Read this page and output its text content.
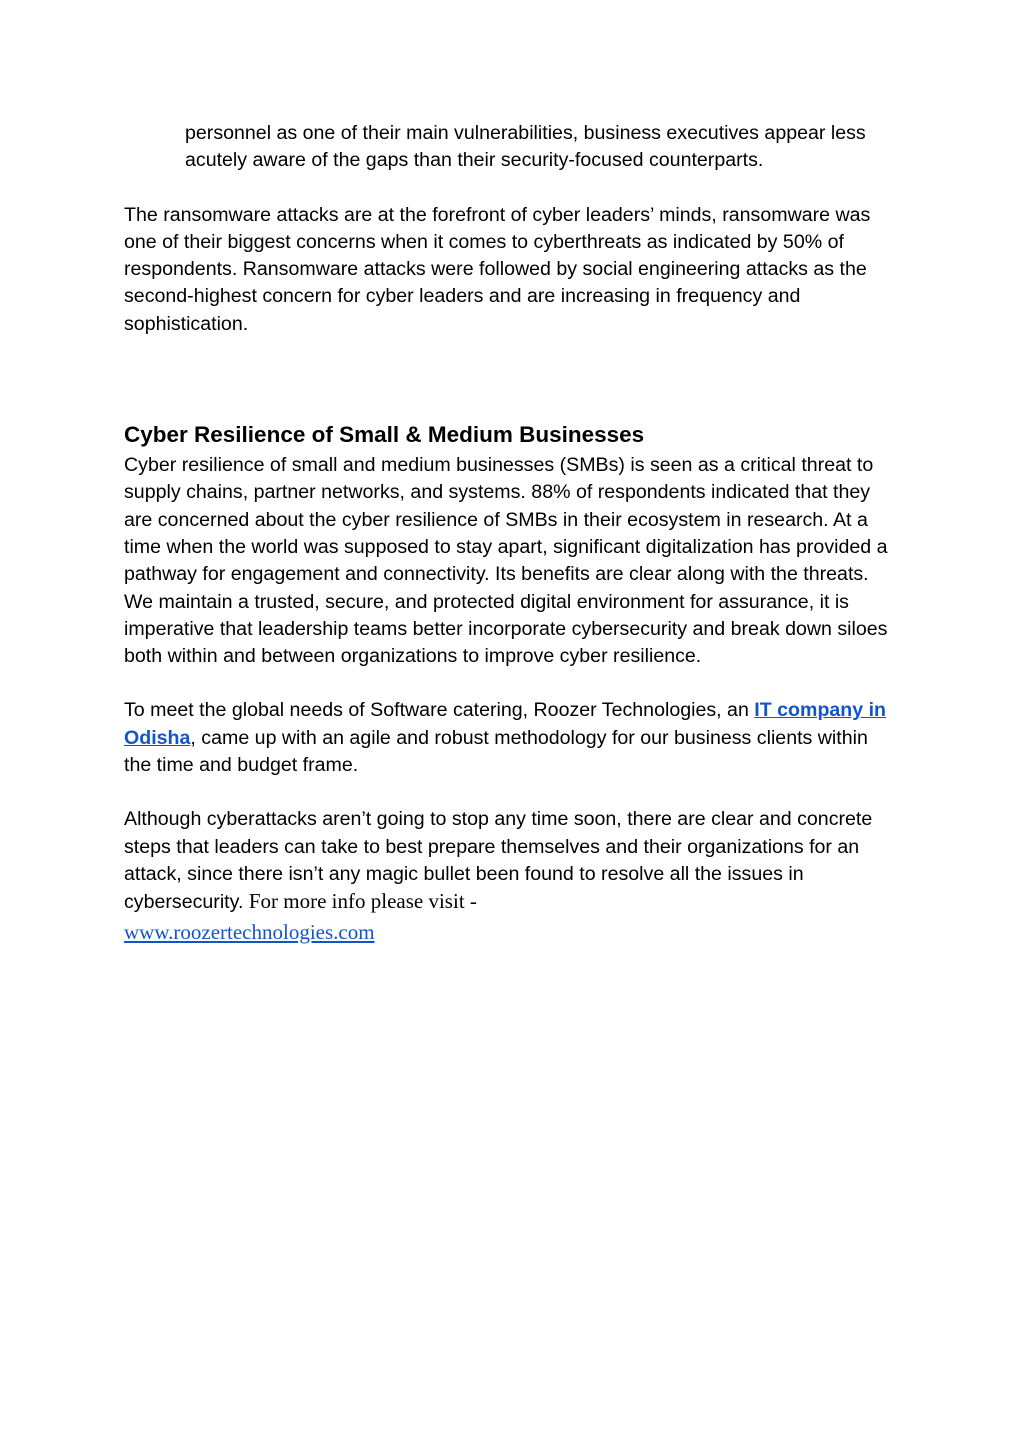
personnel as one of their main vulnerabilities, business executives appear less acutely aware of the gaps than their security-focused counterparts.

The ransomware attacks are at the forefront of cyber leaders’ minds, ransomware was one of their biggest concerns when it comes to cyberthreats as indicated by 50% of respondents. Ransomware attacks were followed by social engineering attacks as the second-highest concern for cyber leaders and are increasing in frequency and sophistication.

Cyber Resilience of Small & Medium Businesses

Cyber resilience of small and medium businesses (SMBs) is seen as a critical threat to supply chains, partner networks, and systems. 88% of respondents indicated that they are concerned about the cyber resilience of SMBs in their ecosystem in research. At a time when the world was supposed to stay apart, significant digitalization has provided a pathway for engagement and connectivity. Its benefits are clear along with the threats. We maintain a trusted, secure, and protected digital environment for assurance, it is imperative that leadership teams better incorporate cybersecurity and break down siloes both within and between organizations to improve cyber resilience.

To meet the global needs of Software catering, Roozer Technologies, an IT company in Odisha, came up with an agile and robust methodology for our business clients within the time and budget frame.

Although cyberattacks aren’t going to stop any time soon, there are clear and concrete steps that leaders can take to best prepare themselves and their organizations for an attack, since there isn’t any magic bullet been found to resolve all the issues in cybersecurity. For more info please visit -
www.roozertechnologies.com
